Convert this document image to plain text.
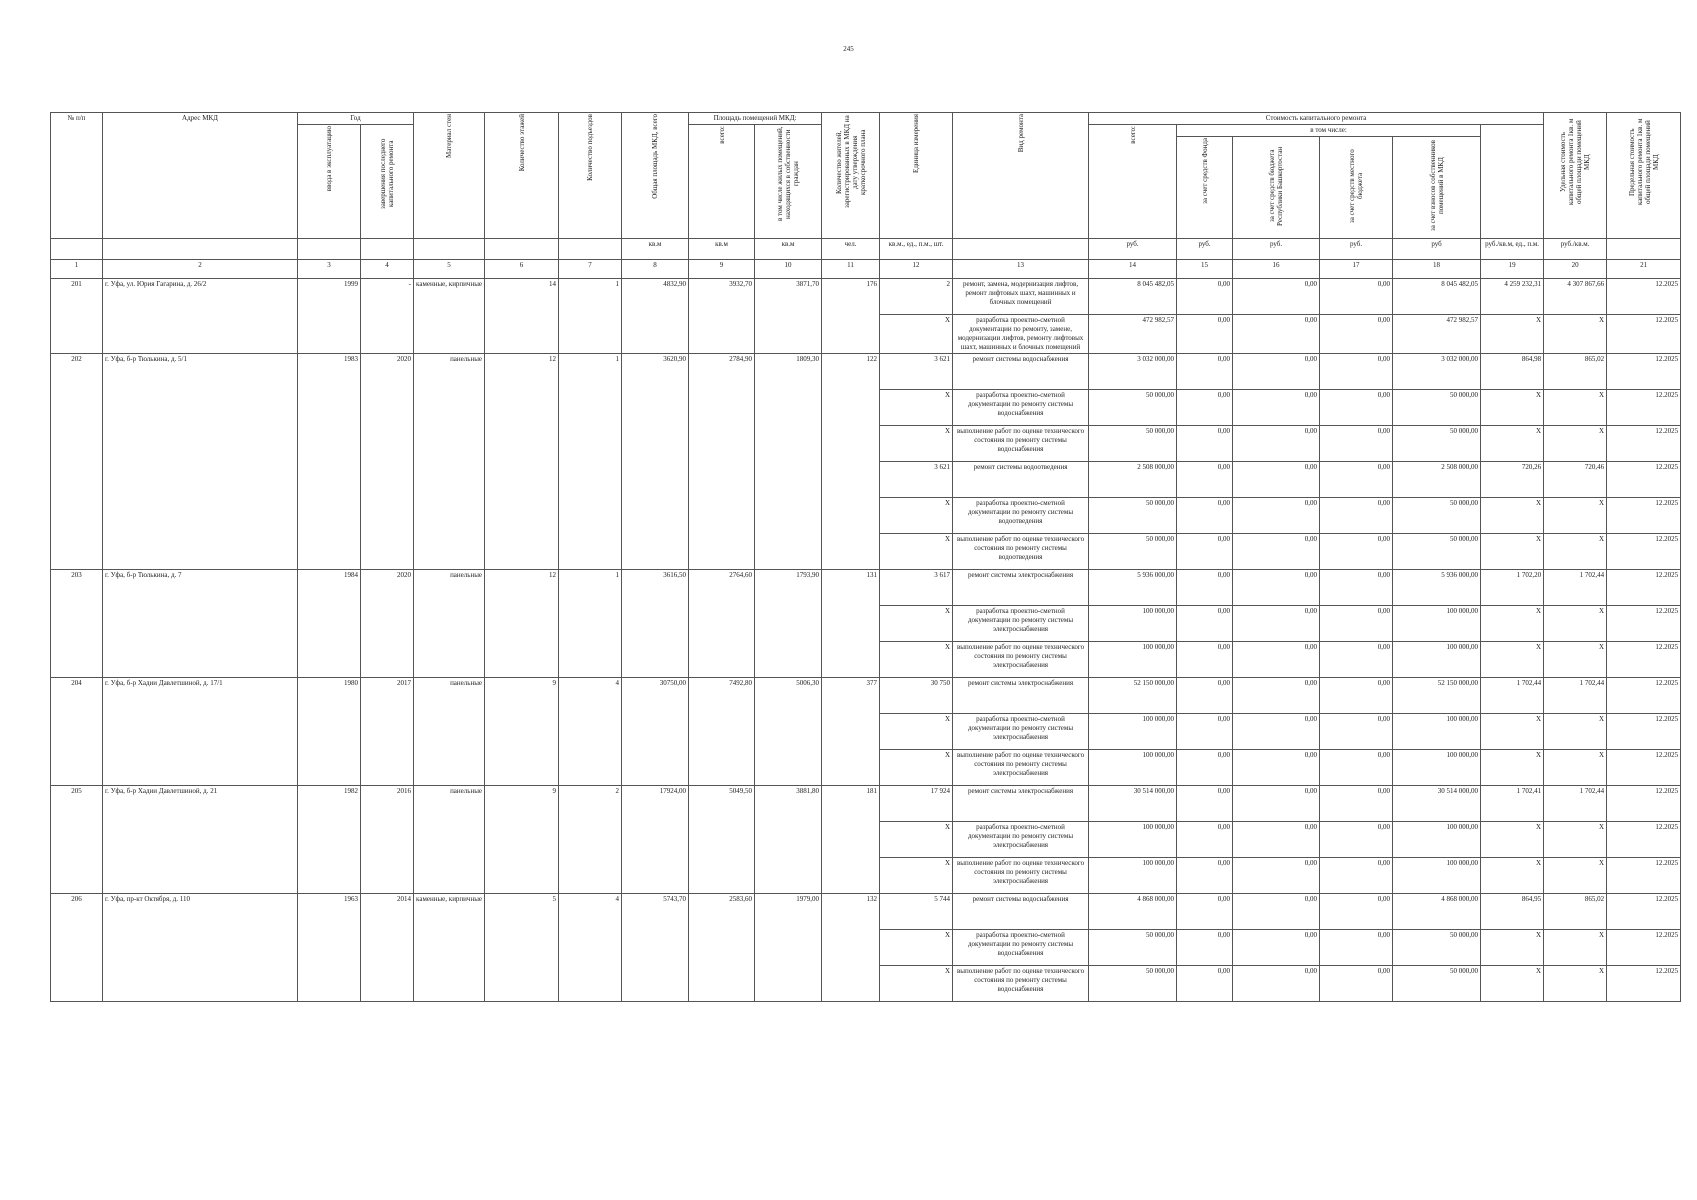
245
№ п/п	Адрес МКД	Год		Материал стен	Количество этажей	Количество подъездов	Общая площадь МКД, всего	Площадь помещений МКД:		Количество жителей, зарегистрированных в МКД на дату утверждения краткосрочного плана	Единица измерения	Вид ремонта	Стоимость капитального ремонта						Удельная стоимость капитального ремонта 1кв. м общей площади помещений МКД	Предельная стоимость капитального ремонта 1кв. м общей площади помещений МКД	
		ввода в эксплуатацию	завершения последнего капитального ремонта					всего:	в том числе жилых помещений, находящихся в собственности граждан				всего:	в том числе:							
														за счет средств Фонда	за счет средств бюджета Республики Башкортостан	за счет средств местного бюджета	за счет взносов собственников помещений в МКД				
							кв.м	кв.м	кв.м	чел.	кв.м., ед., п.м., шт.		руб.	руб.	руб.	руб.	руб	руб./кв.м, ед., п.м.	руб./кв.м.		
1	2	3	4	5	6	7	8	9	10	11	12	13	14	15	16	17	18	19	20	21	
201	г. Уфа, ул. Юрия Гагарина, д. 26/2	1999	-	каменные, кирпичные	14	1	4832,90	3932,70	3871,70	176	2	ремонт, замена, модернизация лифтов, ремонт лифтовых шахт, машинных и блочных помещений	8 045 482,05	0,00	0,00	0,00	8 045 482,05	4 259 232,31	4 307 867,66	12.2025	
											X	разработка проектно-сметной документации по ремонту, замене, модернизации лифтов, ремонту лифтовых шахт, машинных и блочных помещений	472 982,57	0,00	0,00	0,00	472 982,57	X	X	12.2025	
202	г. Уфа, б-р Тюлькина, д. 5/1	1983	2020	панельные	12	1	3620,90	2784,90	1809,30	122	3 621	ремонт системы водоснабжения	3 032 000,00	0,00	0,00	0,00	3 032 000,00	864,98	865,02	12.2025	
											X	разработка проектно-сметной документации по ремонту системы водоснабжения	50 000,00	0,00	0,00	0,00	50 000,00	X	X	12.2025	
											X	выполнение работ по оценке технического состояния по ремонту системы водоснабжения	50 000,00	0,00	0,00	0,00	50 000,00	X	X	12.2025	
											3 621	ремонт системы водоотведения	2 508 000,00	0,00	0,00	0,00	2 508 000,00	720,26	720,46	12.2025	
											X	разработка проектно-сметной документации по ремонту системы водоотведения	50 000,00	0,00	0,00	0,00	50 000,00	X	X	12.2025	
											X	выполнение работ по оценке технического состояния по ремонту системы водоотведения	50 000,00	0,00	0,00	0,00	50 000,00	X	X	12.2025	
203	г. Уфа, б-р Тюлькина, д. 7	1984	2020	панельные	12	1	3616,50	2764,60	1793,90	131	3 617	ремонт системы электроснабжения	5 936 000,00	0,00	0,00	0,00	5 936 000,00	1 702,20	1 702,44	12.2025	
											X	разработка проектно-сметной документации по ремонту системы электроснабжения	100 000,00	0,00	0,00	0,00	100 000,00	X	X	12.2025	
											X	выполнение работ по оценке технического состояния по ремонту системы электроснабжения	100 000,00	0,00	0,00	0,00	100 000,00	X	X	12.2025	
204	г. Уфа, б-р Хадии Давлетшиной, д. 17/1	1980	2017	панельные	9	4	30750,00	7492,80	5006,30	377	30 750	ремонт системы электроснабжения	52 150 000,00	0,00	0,00	0,00	52 150 000,00	1 702,44	1 702,44	12.2025	
											X	разработка проектно-сметной документации по ремонту системы электроснабжения	100 000,00	0,00	0,00	0,00	100 000,00	X	X	12.2025	
											X	выполнение работ по оценке технического состояния по ремонту системы электроснабжения	100 000,00	0,00	0,00	0,00	100 000,00	X	X	12.2025	
205	г. Уфа, б-р Хадии Давлетшиной, д. 21	1982	2016	панельные	9	2	17924,00	5049,50	3881,80	181	17 924	ремонт системы электроснабжения	30 514 000,00	0,00	0,00	0,00	30 514 000,00	1 702,41	1 702,44	12.2025	
											X	разработка проектно-сметной документации по ремонту системы электроснабжения	100 000,00	0,00	0,00	0,00	100 000,00	X	X	12.2025	
											X	выполнение работ по оценке технического состояния по ремонту системы электроснабжения	100 000,00	0,00	0,00	0,00	100 000,00	X	X	12.2025	
206	г. Уфа, пр-кт Октября, д. 110	1963	2014	каменные, кирпичные	5	4	5743,70	2583,60	1979,00	132	5 744	ремонт системы водоснабжения	4 868 000,00	0,00	0,00	0,00	4 868 000,00	864,95	865,02	12.2025	
											X	разработка проектно-сметной документации по ремонту системы водоснабжения	50 000,00	0,00	0,00	0,00	50 000,00	X	X	12.2025	
											X	выполнение работ по оценке технического состояния по ремонту системы водоснабжения	50 000,00	0,00	0,00	0,00	50 000,00	X	X	12.2025	
